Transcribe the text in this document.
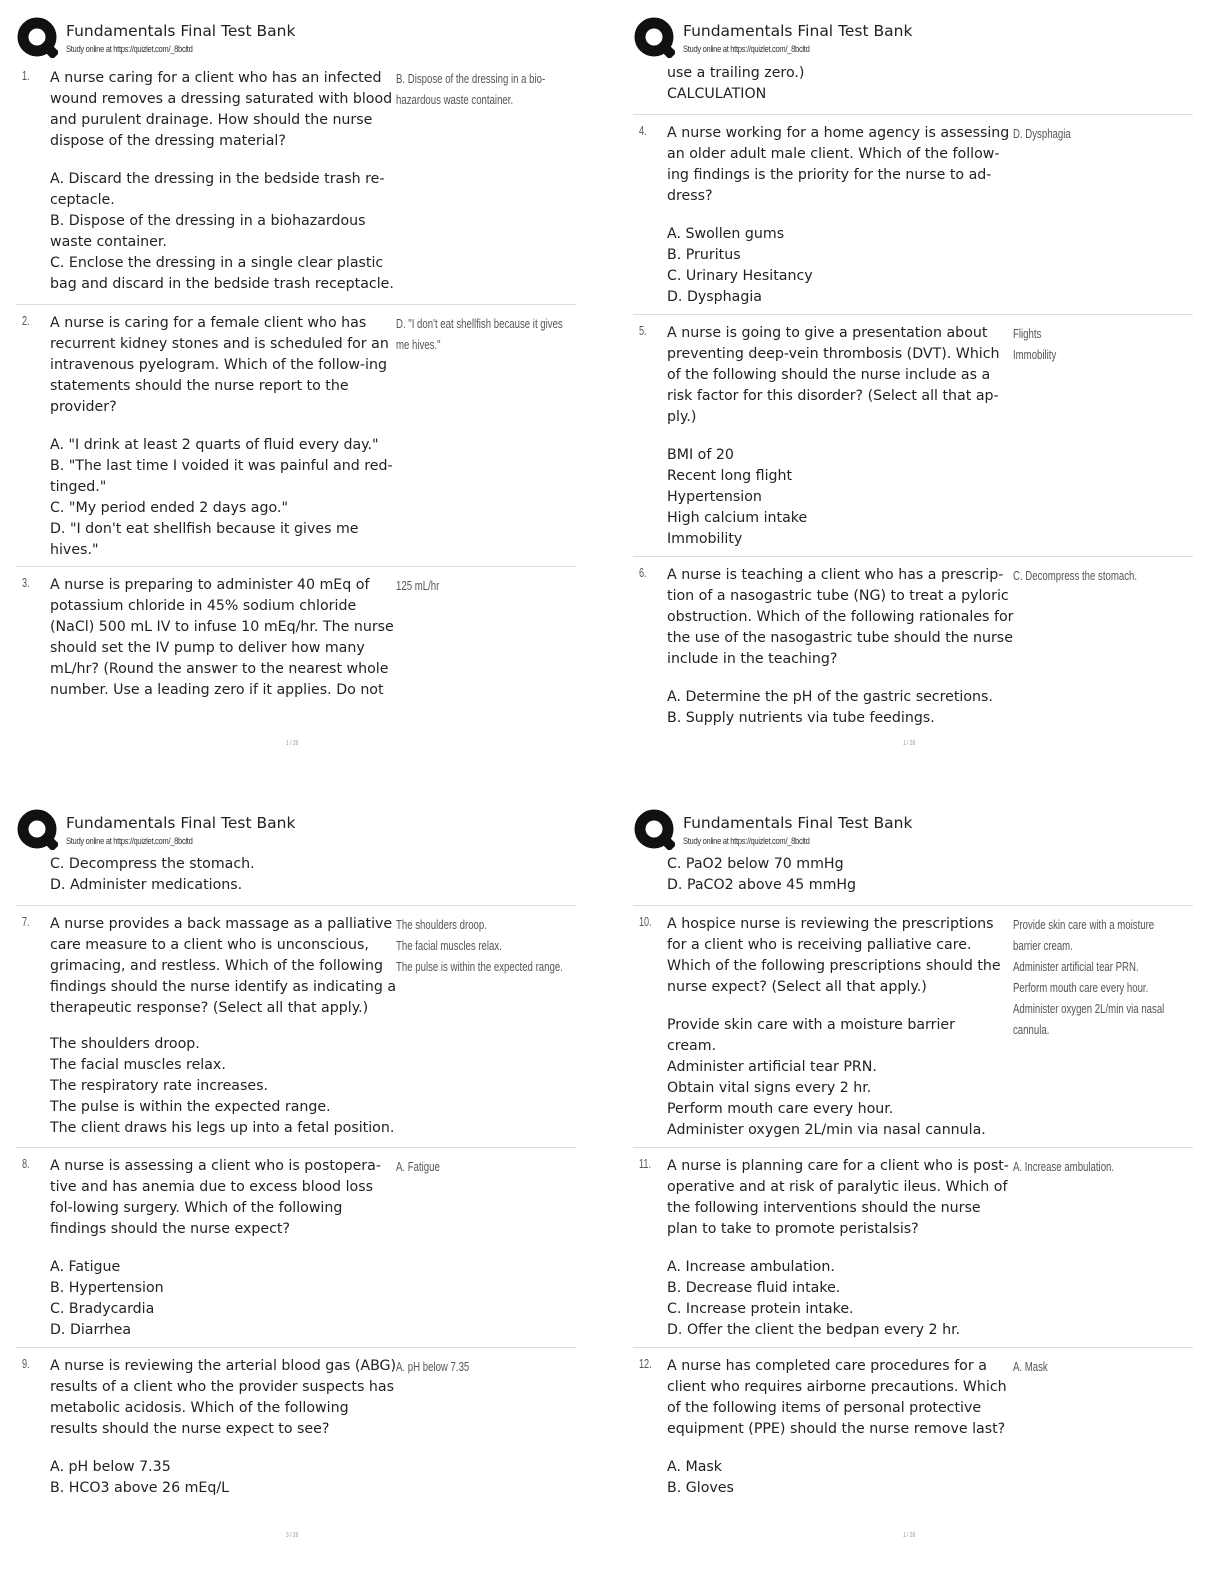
Fundamentals Final Test Bank
Study online at https://quizlet.com/_8bcltd
1. A nurse caring for a client who has an infected wound removes a dressing saturated with blood and purulent drainage. How should the nurse dispose of the dressing material?
A. Discard the dressing in the bedside trash re-ceptacle.
B. Dispose of the dressing in a biohazardous waste container.
C. Enclose the dressing in a single clear plastic bag and discard in the bedside trash receptacle.
B. Dispose of the dressing in a bio-hazardous waste container.
2. A nurse is caring for a female client who has recurrent kidney stones and is scheduled for an intravenous pyelogram. Which of the follow-ing statements should the nurse report to the provider?
A. "I drink at least 2 quarts of fluid every day."
B. "The last time I voided it was painful and red-tinged."
C. "My period ended 2 days ago."
D. "I don't eat shellfish because it gives me hives."
D. "I don't eat shellfish because it gives me hives."
3. A nurse is preparing to administer 40 mEq of potassium chloride in 45% sodium chloride (NaCl) 500 mL IV to infuse 10 mEq/hr. The nurse should set the IV pump to deliver how many mL/hr? (Round the answer to the nearest whole number. Use a leading zero if it applies. Do not
125 mL/hr
1 / 28
Fundamentals Final Test Bank
Study online at https://quizlet.com/_8bcltd
use a trailing zero.)
CALCULATION
4. A nurse working for a home agency is assessing an older adult male client. Which of the follow-ing findings is the priority for the nurse to ad-dress?
A. Swollen gums
B. Pruritus
C. Urinary Hesitancy
D. Dysphagia
D. Dysphagia
5. A nurse is going to give a presentation about preventing deep-vein thrombosis (DVT). Which of the following should the nurse include as a risk factor for this disorder? (Select all that ap-ply.)
BMI of 20
Recent long flight
Hypertension
High calcium intake
Immobility
Flights
Immobility
6. A nurse is teaching a client who has a prescrip-tion of a nasogastric tube (NG) to treat a pyloric obstruction. Which of the following rationales for the use of the nasogastric tube should the nurse include in the teaching?
A. Determine the pH of the gastric secretions.
B. Supply nutrients via tube feedings.
C. Decompress the stomach.
1 / 28
Fundamentals Final Test Bank
Study online at https://quizlet.com/_8bcltd
C. Decompress the stomach.
D. Administer medications.
7. A nurse provides a back massage as a palliative care measure to a client who is unconscious, grimacing, and restless. Which of the following findings should the nurse identify as indicating a therapeutic response? (Select all that apply.)
The shoulders droop.
The facial muscles relax.
The respiratory rate increases.
The pulse is within the expected range.
The client draws his legs up into a fetal position.
The shoulders droop.
The facial muscles relax.
The pulse is within the expected range.
8. A nurse is assessing a client who is postopera-tive and has anemia due to excess blood loss fol-lowing surgery. Which of the following findings should the nurse expect?
A. Fatigue
B. Hypertension
C. Bradycardia
D. Diarrhea
A. Fatigue
9. A nurse is reviewing the arterial blood gas (ABG) results of a client who the provider suspects has metabolic acidosis. Which of the following results should the nurse expect to see?
A. pH below 7.35
B. HCO3 above 26 mEq/L
A. pH below 7.35
3 / 28
Fundamentals Final Test Bank
Study online at https://quizlet.com/_8bcltd
C. PaO2 below 70 mmHg
D. PaCO2 above 45 mmHg
10. A hospice nurse is reviewing the prescriptions for a client who is receiving palliative care. Which of the following prescriptions should the nurse expect? (Select all that apply.)
Provide skin care with a moisture barrier cream.
Administer artificial tear PRN.
Obtain vital signs every 2 hr.
Perform mouth care every hour.
Administer oxygen 2L/min via nasal cannula.
Provide skin care with a moisture barrier cream.
Administer artificial tear PRN.
Perform mouth care every hour.
Administer oxygen 2L/min via nasal cannula.
11. A nurse is planning care for a client who is post-operative and at risk of paralytic ileus. Which of the following interventions should the nurse plan to take to promote peristalsis?
A. Increase ambulation.
B. Decrease fluid intake.
C. Increase protein intake.
D. Offer the client the bedpan every 2 hr.
A. Increase ambulation.
12. A nurse has completed care procedures for a client who requires airborne precautions. Which of the following items of personal protective equipment (PPE) should the nurse remove last?
A. Mask
B. Gloves
A. Mask
1 / 28
